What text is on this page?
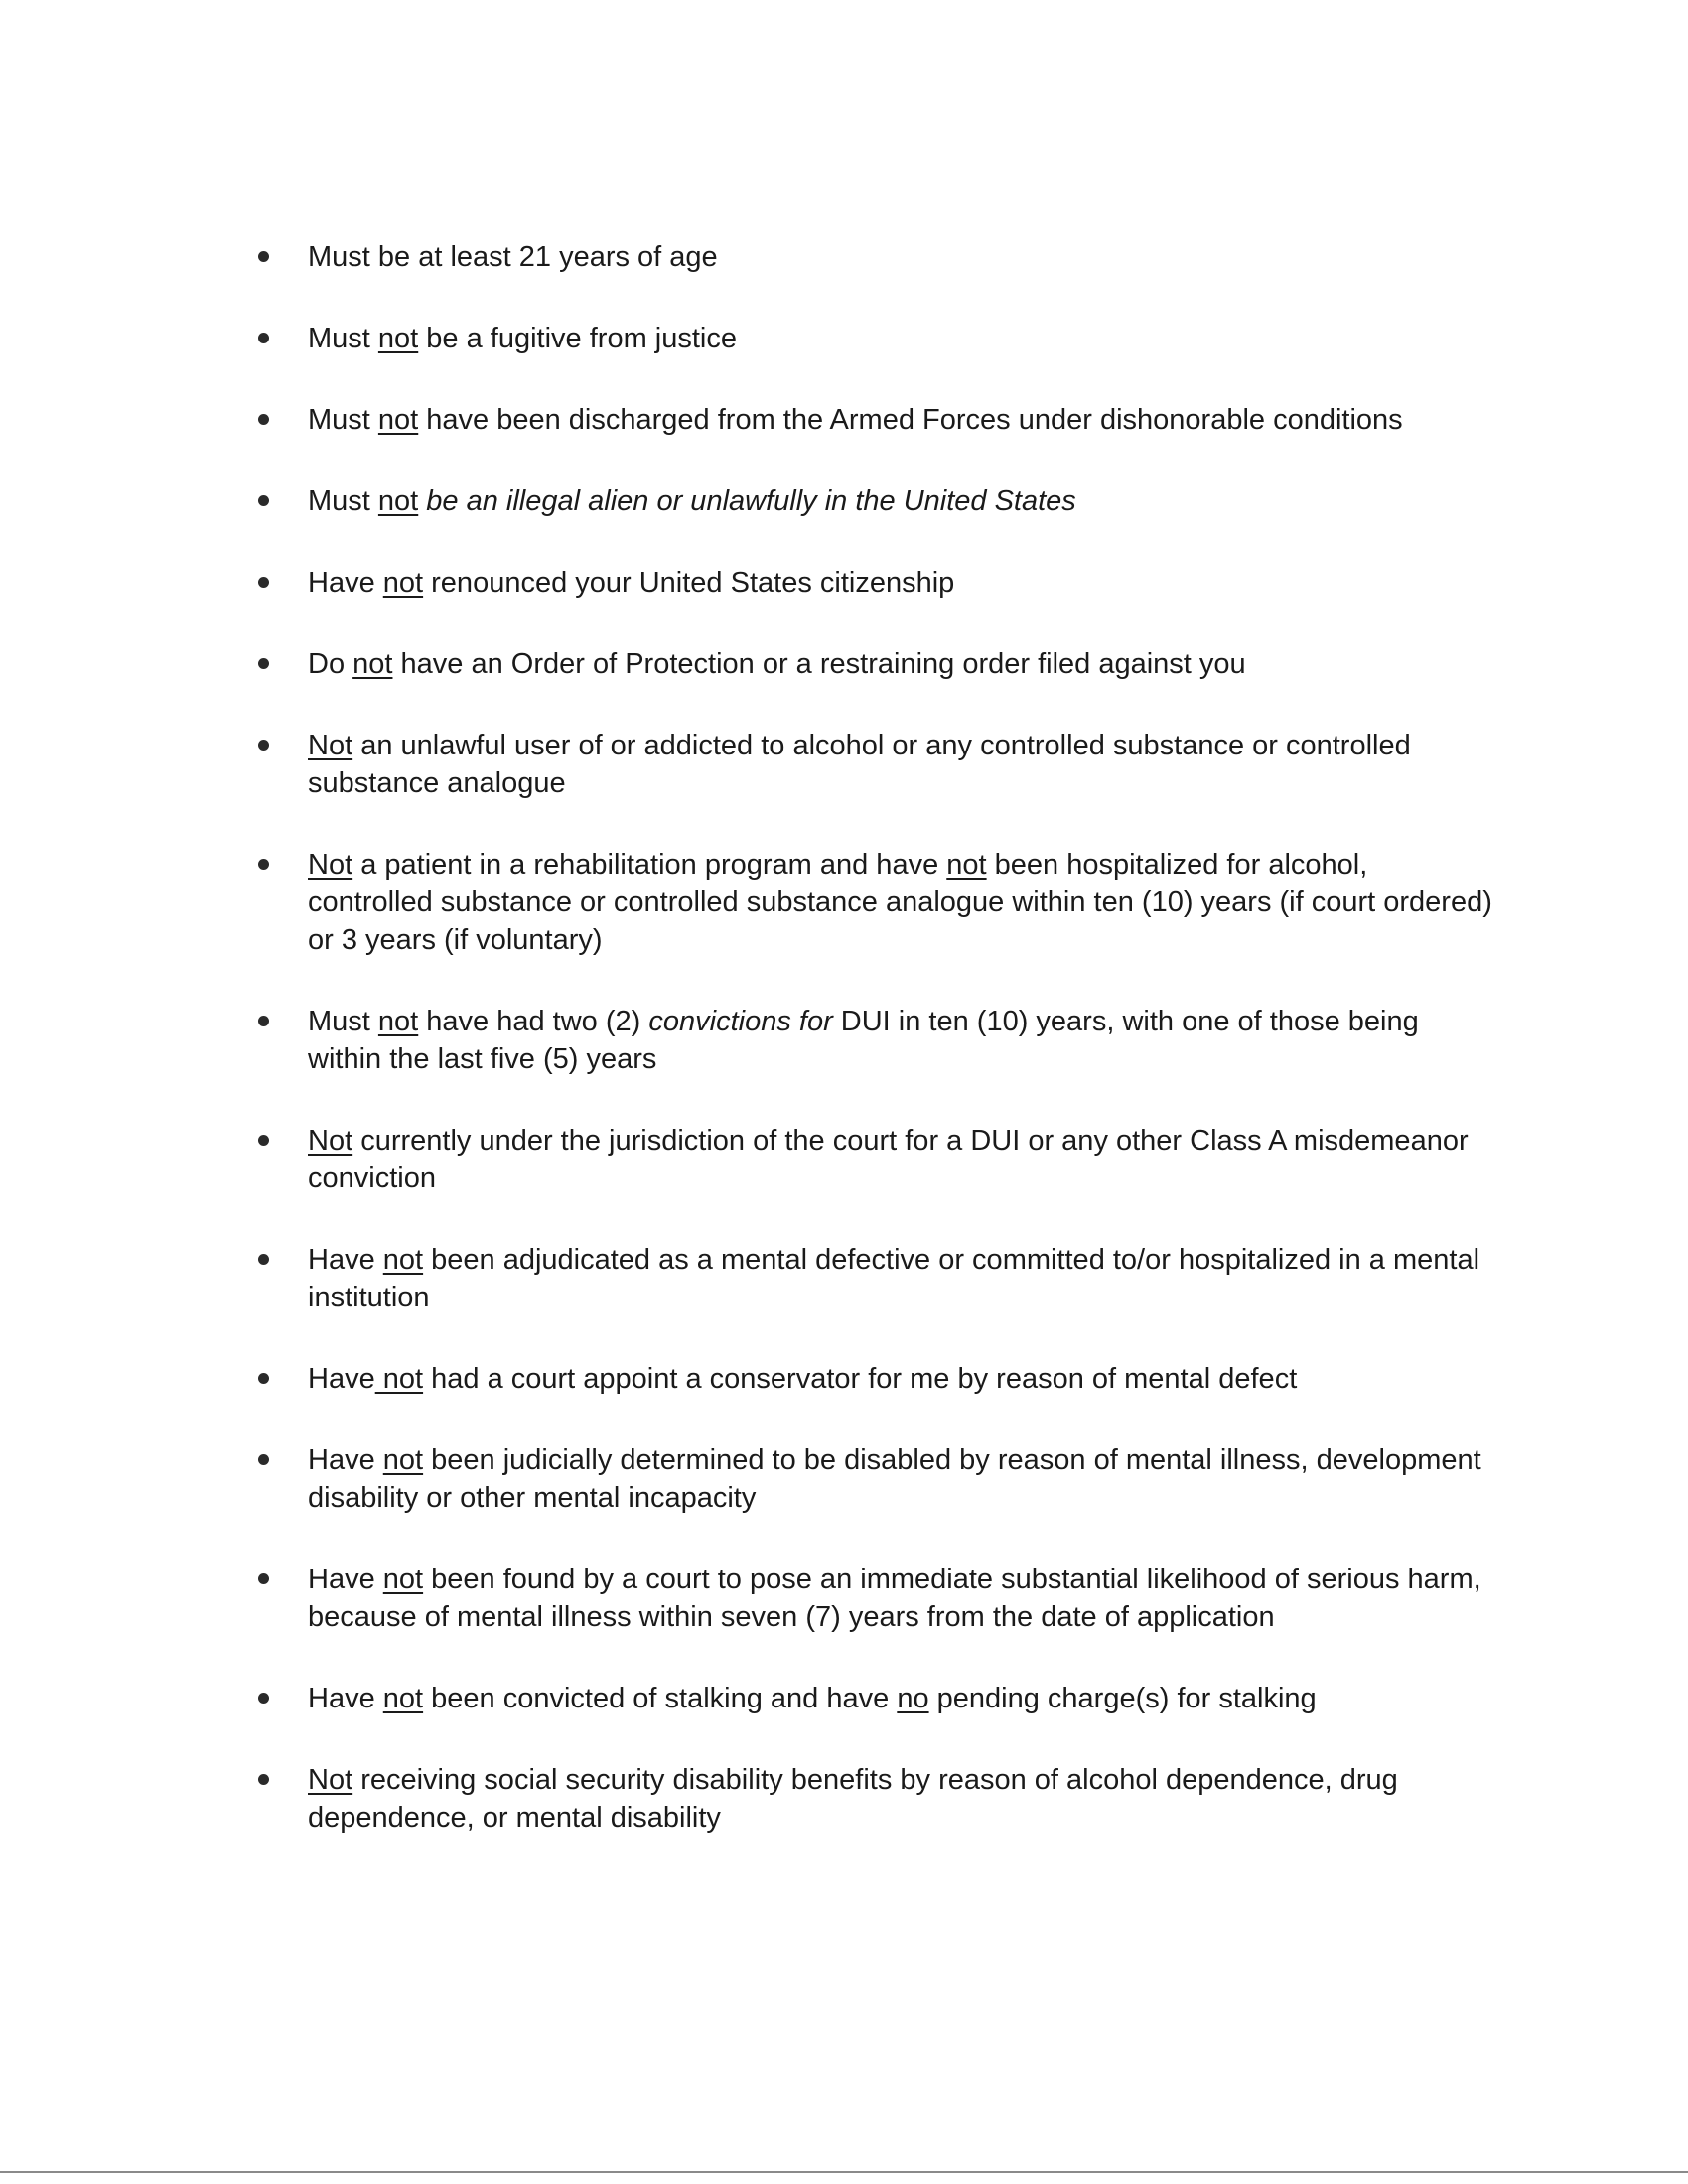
Must be at least 21 years of age
Must not be a fugitive from justice
Must not have been discharged from the Armed Forces under dishonorable conditions
Must not be an illegal alien or unlawfully in the United States
Have not renounced your United States citizenship
Do not have an Order of Protection or a restraining order filed against you
Not an unlawful user of or addicted to alcohol or any controlled substance or controlled substance analogue
Not a patient in a rehabilitation program and have not been hospitalized for alcohol, controlled substance or controlled substance analogue within ten (10) years (if court ordered) or 3 years (if voluntary)
Must not have had two (2) convictions for DUI in ten (10) years, with one of those being within the last five (5) years
Not currently under the jurisdiction of the court for a DUI or any other Class A misdemeanor conviction
Have not been adjudicated as a mental defective or committed to/or hospitalized in a mental institution
Have not had a court appoint a conservator for me by reason of mental defect
Have not been judicially determined to be disabled by reason of mental illness, development disability or other mental incapacity
Have not been found by a court to pose an immediate substantial likelihood of serious harm, because of mental illness within seven (7) years from the date of application
Have not been convicted of stalking and have no pending charge(s) for stalking
Not receiving social security disability benefits by reason of alcohol dependence, drug dependence, or mental disability
